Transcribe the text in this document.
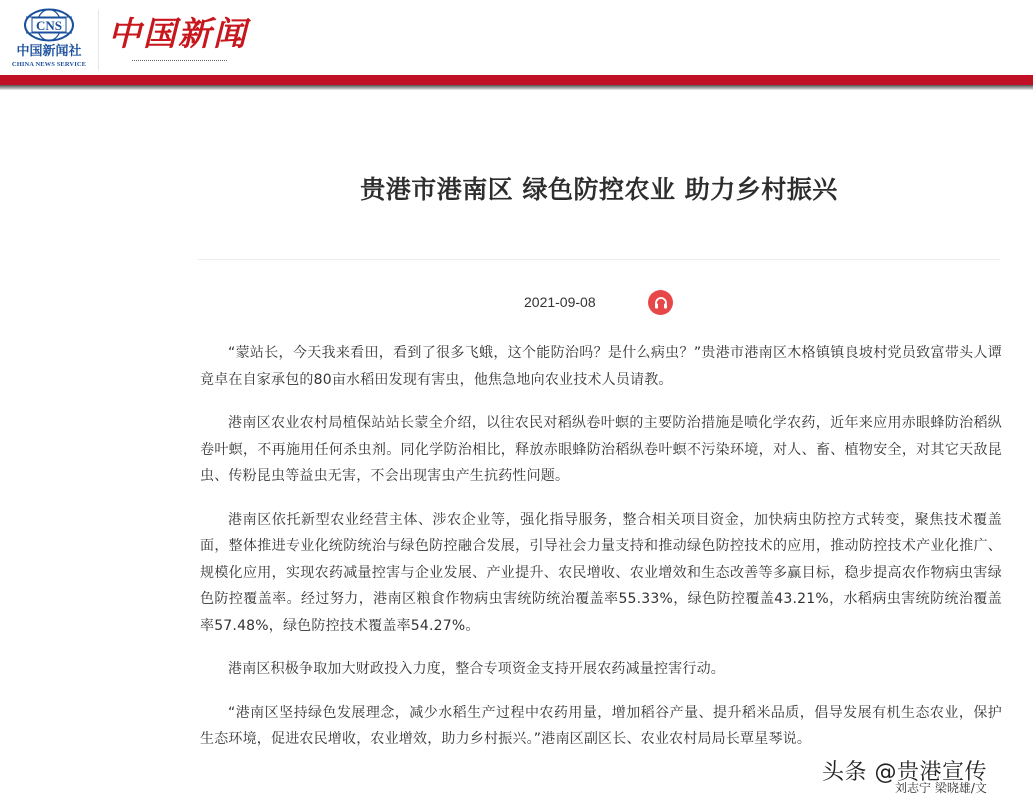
CNS
中国新闻社
CHINA NEWS SERVICE
中国新闻
贵港市港南区 绿色防控农业 助力乡村振兴
2021-09-08

“蒙站长，今天我来看田，看到了很多飞蛾，这个能防治吗？是什么病虫？”贵港市港南区木格镇镇良坡村党员致富带头人谭竟卓在自家承包的80亩水稻田发现有害虫，他焦急地向农业技术人员请教。

港南区农业农村局植保站站长蒙全介绍，以往农民对稻纵卷叶螟的主要防治措施是喷化学农药，近年来应用赤眼蜂防治稻纵卷叶螟，不再施用任何杀虫剂。同化学防治相比，释放赤眼蜂防治稻纵卷叶螟不污染环境，对人、畜、植物安全，对其它天敌昆虫、传粉昆虫等益虫无害，不会出现害虫产生抗药性问题。

港南区依托新型农业经营主体、涉农企业等，强化指导服务，整合相关项目资金，加快病虫防控方式转变，聚焦技术覆盖面，整体推进专业化统防统治与绿色防控融合发展，引导社会力量支持和推动绿色防控技术的应用，推动防控技术产业化推广、规模化应用，实现农药减量控害与企业发展、产业提升、农民增收、农业增效和生态改善等多赢目标，稳步提高农作物病虫害绿色防控覆盖率。经过努力，港南区粮食作物病虫害统防统治覆盖率55.33%，绿色防控覆盖43.21%，水稻病虫害统防统治覆盖率57.48%，绿色防控技术覆盖率54.27%。

港南区积极争取加大财政投入力度，整合专项资金支持开展农药减量控害行动。

“港南区坚持绿色发展理念，减少水稻生产过程中农药用量，增加稻谷产量、提升稻米品质，倡导发展有机生态农业，保护生态环境，促进农民增收，农业增效，助力乡村振兴。”港南区副区长、农业农村局局长覃星琴说。

头条 @贵港宣传
刘志宁 梁晓雄/文
